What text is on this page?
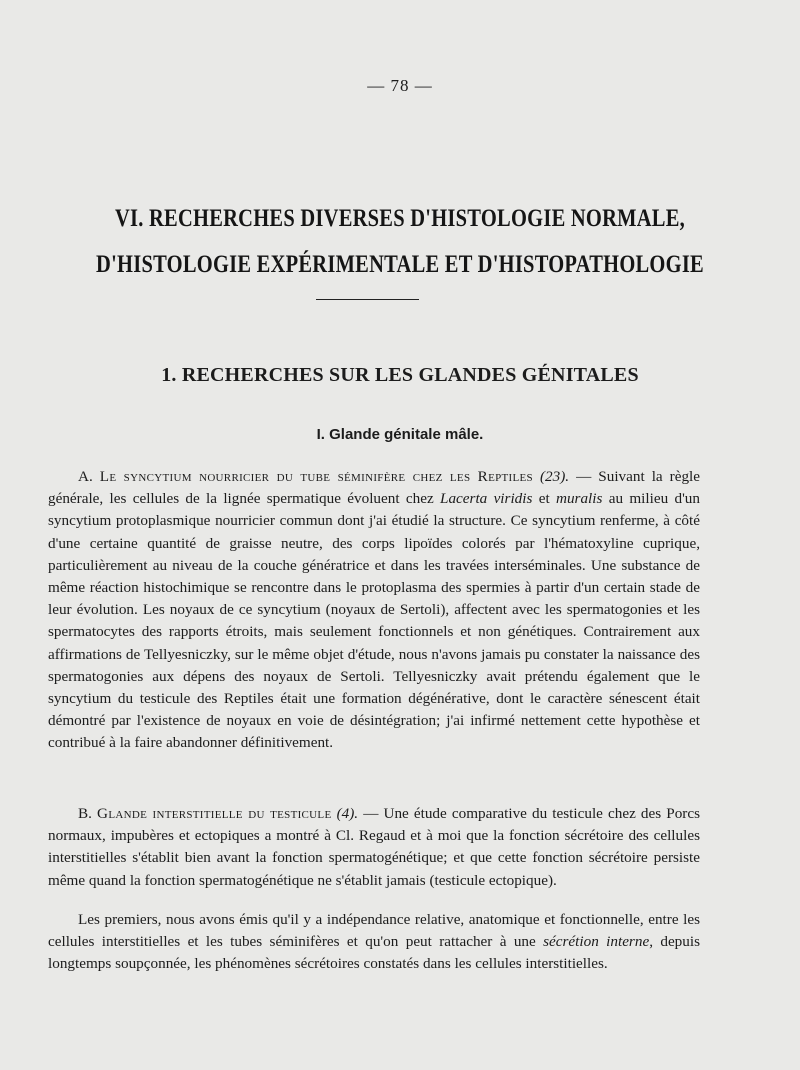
— 78 —
VI. RECHERCHES DIVERSES D'HISTOLOGIE NORMALE,
D'HISTOLOGIE EXPÉRIMENTALE ET D'HISTOPATHOLOGIE
1. RECHERCHES SUR LES GLANDES GÉNITALES
I. Glande génitale mâle.

A. Le syncytium nourricier du tube séminifère chez les Reptiles (23). — Suivant la règle générale, les cellules de la lignée spermatique évoluent chez Lacerta viridis et muralis au milieu d'un syncytium protoplasmique nourricier commun dont j'ai étudié la structure. Ce syncytium renferme, à côté d'une certaine quantité de graisse neutre, des corps lipoïdes colorés par l'hématoxyline cuprique, particulièrement au niveau de la couche génératrice et dans les travées interséminales. Une substance de même réaction histochimique se rencontre dans le protoplasma des spermies à partir d'un certain stade de leur évolution. Les noyaux de ce syncytium (noyaux de Sertoli), affectent avec les spermatogonies et les spermatocytes des rapports étroits, mais seulement fonctionnels et non génétiques. Contrairement aux affirmations de Tellyesniczky, sur le même objet d'étude, nous n'avons jamais pu constater la naissance des spermatogonies aux dépens des noyaux de Sertoli. Tellyesniczky avait prétendu également que le syncytium du testicule des Reptiles était une formation dégénérative, dont le caractère sénescent était démontré par l'existence de noyaux en voie de désintégration; j'ai infirmé nettement cette hypothèse et contribué à la faire abandonner définitivement.

B. Glande interstitielle du testicule (4). — Une étude comparative du testicule chez des Porcs normaux, impubères et ectopiques a montré à Cl. Regaud et à moi que la fonction sécrétoire des cellules interstitielles s'établit bien avant la fonction spermatogénétique; et que cette fonction sécrétoire persiste même quand la fonction spermatogénétique ne s'établit jamais (testicule ectopique).

Les premiers, nous avons émis qu'il y a indépendance relative, anatomique et fonctionnelle, entre les cellules interstitielles et les tubes séminifères et qu'on peut rattacher à une sécrétion interne, depuis longtemps soupçonnée, les phénomènes sécrétoires constatés dans les cellules interstitielles.
